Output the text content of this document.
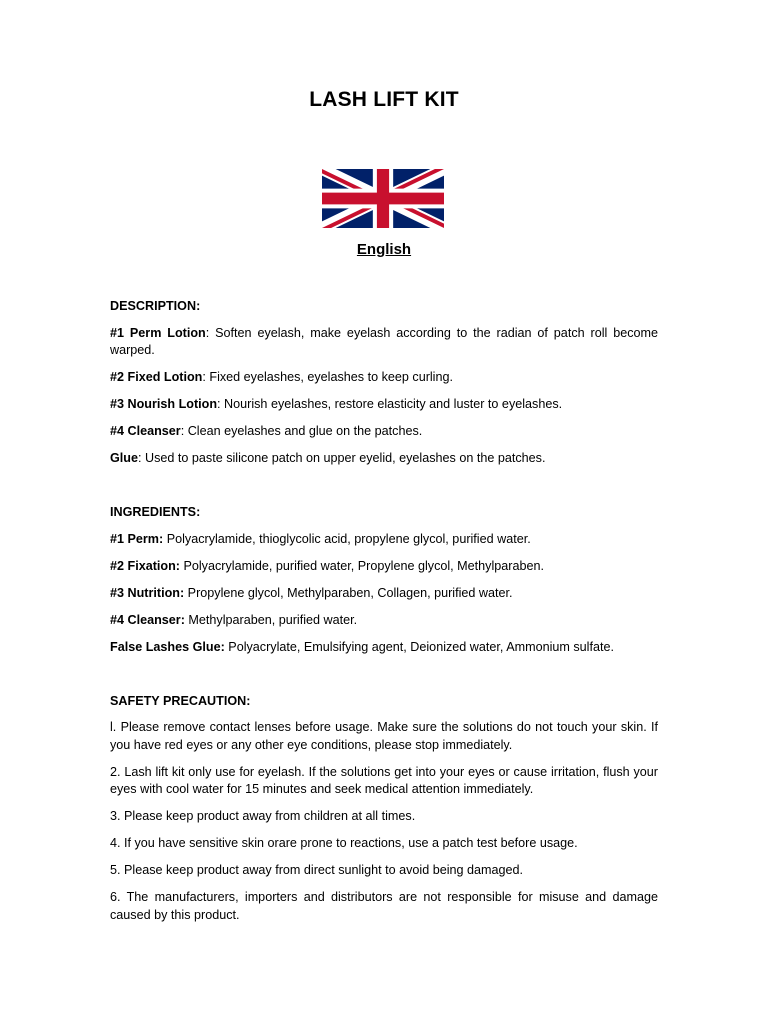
LASH LIFT KIT
English
DESCRIPTION:
#1 Perm Lotion: Soften eyelash, make eyelash according to the radian of patch roll become warped.
#2 Fixed Lotion: Fixed eyelashes, eyelashes to keep curling.
#3 Nourish Lotion: Nourish eyelashes, restore elasticity and luster to eyelashes.
#4 Cleanser: Clean eyelashes and glue on the patches.
Glue: Used to paste silicone patch on upper eyelid, eyelashes on the patches.
INGREDIENTS:
#1 Perm: Polyacrylamide, thioglycolic acid, propylene glycol, purified water.
#2 Fixation: Polyacrylamide, purified water, Propylene glycol, Methylparaben.
#3 Nutrition: Propylene glycol, Methylparaben, Collagen, purified water.
#4 Cleanser: Methylparaben, purified water.
False Lashes Glue: Polyacrylate, Emulsifying agent, Deionized water, Ammonium sulfate.
SAFETY PRECAUTION:
l. Please remove contact lenses before usage. Make sure the solutions do not touch your skin. If you have red eyes or any other eye conditions, please stop immediately.
2. Lash lift kit only use for eyelash. If the solutions get into your eyes or cause irritation, flush your eyes with cool water for 15 minutes and seek medical attention immediately.
3. Please keep product away from children at all times.
4. If you have sensitive skin orare prone to reactions, use a patch test before usage.
5. Please keep product away from direct sunlight to avoid being damaged.
6. The manufacturers, importers and distributors are not responsible for misuse and damage caused by this product.
